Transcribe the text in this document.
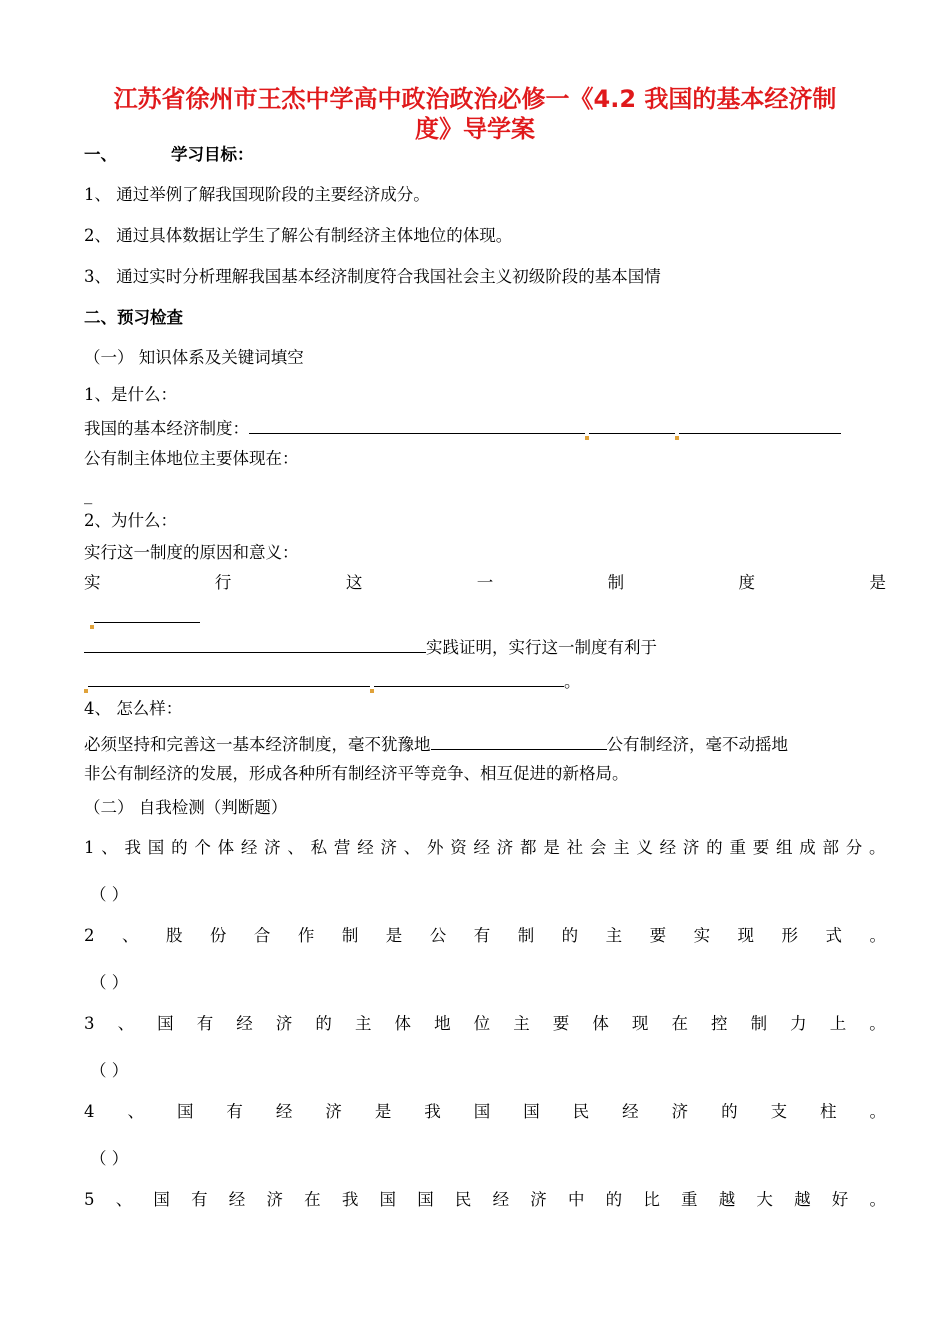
江苏省徐州市王杰中学高中政治政治必修一《4.2 我国的基本经济制
度》导学案
一、	学习目标：
1、 通过举例了解我国现阶段的主要经济成分。
2、 通过具体数据让学生了解公有制经济主体地位的体现。
3、 通过实时分析理解我国基本经济制度符合我国社会主义初级阶段的基本国情
二、预习检查
（一） 知识体系及关键词填空
1、是什么：
我国的基本经济制度：
公有制主体地位主要体现在：
_
2、为什么：
实行这一制度的原因和意义：
实	行	这	一	制	度	是
实践证明，实行这一制度有利于
。
4、 怎么样：
必须坚持和完善这一基本经济制度，毫不犹豫地	公有制经济，毫不动摇地
非公有制经济的发展，形成各种所有制经济平等竞争、相互促进的新格局。
（二） 自我检测（判断题）
1 、 我 国 的 个 体 经 济 、 私 营 经 济 、 外 资 经 济 都 是 社 会 主 义 经 济 的 重 要 组 成 部 分 。
（ ）
2 、 股 份 合 作 制 是 公 有 制 的 主 要 实 现 形 式 。
（ ）
3 、 国 有 经 济 的 主 体 地 位 主 要 体 现 在 控 制 力 上 。
（ ）
4 、 国 有 经 济 是 我 国 国 民 经 济 的 支 柱 。
（ ）
5 、 国 有 经 济 在 我 国 国 民 经 济 中 的 比 重 越 大 越 好 。
